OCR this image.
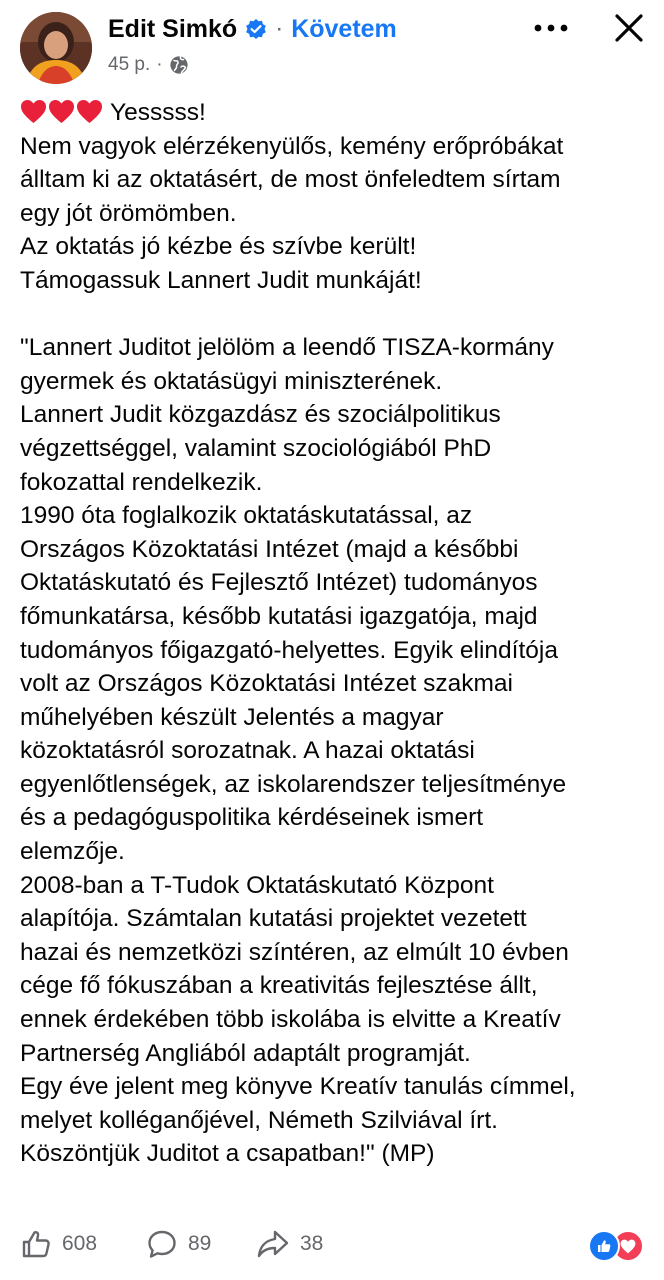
Edit Simkó · Követem
45 p. ·

Yesssss!

Nem vagyok elérzékenyülős, kemény erőpróbákat

álltam ki az oktatásért, de most önfeledtem sírtam

egy jót örömömben.

Az oktatás jó kézbe és szívbe került!

Támogassuk Lannert Judit munkáját!

"Lannert Juditot jelölöm a leendő TISZA-kormány

gyermek és oktatásügyi miniszterének.

Lannert Judit közgazdász és szociálpolitikus

végzettséggel, valamint szociológiából PhD

fokozattal rendelkezik.

1990 óta foglalkozik oktatáskutatással, az

Országos Közoktatási Intézet (majd a későbbi

Oktatáskutató és Fejlesztő Intézet) tudományos

főmunkatársa, később kutatási igazgatója, majd

tudományos főigazgató-helyettes. Egyik elindítója

volt az Országos Közoktatási Intézet szakmai

műhelyében készült Jelentés a magyar

közoktatásról sorozatnak. A hazai oktatási

egyenlőtlenségek, az iskolarendszer teljesítménye

és a pedagóguspolitika kérdéseinek ismert

elemzője.

2008-ban a T-Tudok Oktatáskutató Központ

alapítója. Számtalan kutatási projektet vezetett

hazai és nemzetközi színtéren, az elmúlt 10 évben

cége fő fókuszában a kreativitás fejlesztése állt,

ennek érdekében több iskolába is elvitte a Kreatív

Partnerség Angliából adaptált programját.

Egy éve jelent meg könyve Kreatív tanulás címmel,

melyet kolléganőjével, Németh Szilviával írt.

Köszöntjük Juditot a csapatban!" (MP)

608	89	38
